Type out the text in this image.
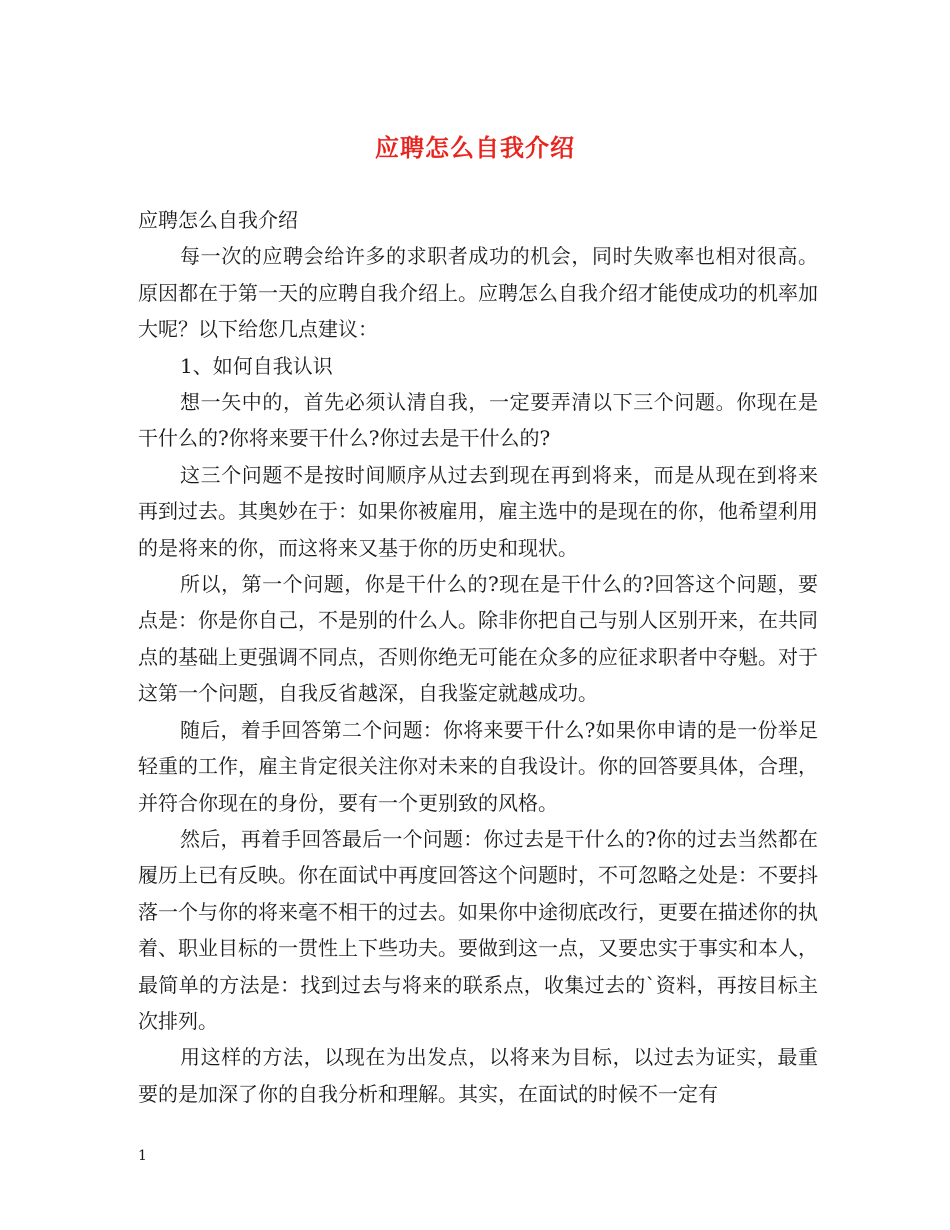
应聘怎么自我介绍

应聘怎么自我介绍

每一次的应聘会给许多的求职者成功的机会，同时失败率也相对很高。原因都在于第一天的应聘自我介绍上。应聘怎么自我介绍才能使成功的机率加大呢？以下给您几点建议：

1、如何自我认识

想一矢中的，首先必须认清自我，一定要弄清以下三个问题。你现在是干什么的?你将来要干什么?你过去是干什么的?

这三个问题不是按时间顺序从过去到现在再到将来，而是从现在到将来再到过去。其奥妙在于：如果你被雇用，雇主选中的是现在的你，他希望利用的是将来的你，而这将来又基于你的历史和现状。

所以，第一个问题，你是干什么的?现在是干什么的?回答这个问题，要点是：你是你自己，不是别的什么人。除非你把自己与别人区别开来，在共同点的基础上更强调不同点，否则你绝无可能在众多的应征求职者中夺魁。对于这第一个问题，自我反省越深，自我鉴定就越成功。

随后，着手回答第二个问题：你将来要干什么?如果你申请的是一份举足轻重的工作，雇主肯定很关注你对未来的自我设计。你的回答要具体，合理，并符合你现在的身份，要有一个更别致的风格。

然后，再着手回答最后一个问题：你过去是干什么的?你的过去当然都在履历上已有反映。你在面试中再度回答这个问题时，不可忽略之处是：不要抖落一个与你的将来毫不相干的过去。如果你中途彻底改行，更要在描述你的执着、职业目标的一贯性上下些功夫。要做到这一点，又要忠实于事实和本人，最简单的方法是：找到过去与将来的联系点，收集过去的`资料，再按目标主次排列。

用这样的方法，以现在为出发点，以将来为目标，以过去为证实，最重要的是加深了你的自我分析和理解。其实，在面试的时候不一定有

1
